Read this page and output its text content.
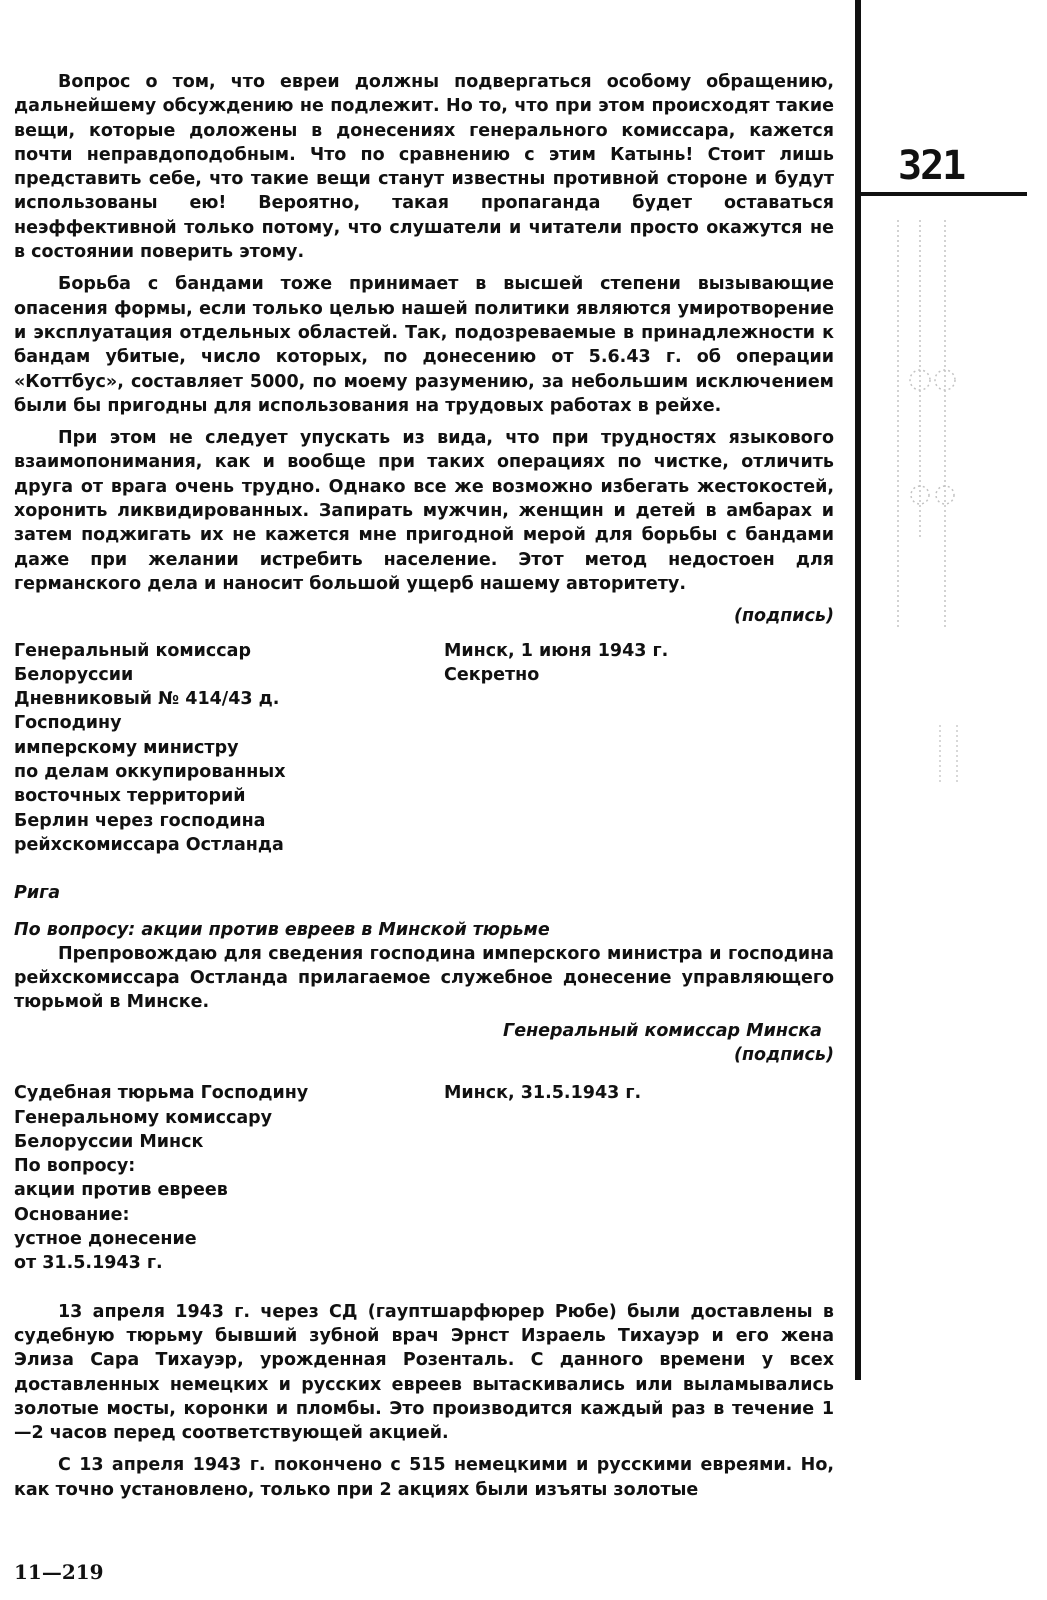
321

Вопрос о том, что евреи должны подвергаться особому обращению, дальнейшему обсуждению не подлежит. Но то, что при этом происходят такие вещи, которые доложены в донесениях генерального комиссара, кажется почти неправдоподобным. Что по сравнению с этим Катынь! Стоит лишь представить себе, что такие вещи станут известны противной стороне и будут использованы ею! Вероятно, такая пропаганда будет оставаться неэффективной только потому, что слушатели и читатели просто окажутся не в состоянии поверить этому.

Борьба с бандами тоже принимает в высшей степени вызывающие опасения формы, если только целью нашей политики являются умиротворение и эксплуатация отдельных областей. Так, подозреваемые в принадлежности к бандам убитые, число которых, по донесению от 5.6.43 г. об операции «Коттбус», составляет 5000, по моему разумению, за небольшим исключением были бы пригодны для использования на трудовых работах в рейхе.

При этом не следует упускать из вида, что при трудностях языкового взаимопонимания, как и вообще при таких операциях по чистке, отличить друга от врага очень трудно. Однако все же возможно избегать жестокостей, хоронить ликвидированных. Запирать мужчин, женщин и детей в амбарах и затем поджигать их не кажется мне пригодной мерой для борьбы с бандами даже при желании истребить население. Этот метод недостоен для германского дела и наносит большой ущерб нашему авторитету.

(подпись)

Генеральный комиссар
Белоруссии
Дневниковый № 414/43 д.
Господину
имперскому министру
по делам оккупированных
восточных территорий
Берлин через господина
рейхскомиссара Остланда
Минск, 1 июня 1943 г.
Секретно
Рига
По вопросу: акции против евреев в Минской тюрьме

Препровождаю для сведения господина имперского министра и господина рейхскомиссара Остланда прилагаемое служебное донесение управляющего тюрьмой в Минске.

Генеральный комиссар Минска

(подпись)

Судебная тюрьма Господину
Генеральному комиссару
Белоруссии Минск
По вопросу:
акции против евреев
Основание:
устное донесение
от 31.5.1943 г.
Минск, 31.5.1943 г.

13 апреля 1943 г. через СД (гауптшарфюрер Рюбе) были доставлены в судебную тюрьму бывший зубной врач Эрнст Израель Тихауэр и его жена Элиза Сара Тихауэр, урожденная Розенталь. С данного времени у всех доставленных немецких и русских евреев вытаскивались или выламывались золотые мосты, коронки и пломбы. Это производится каждый раз в течение 1—2 часов перед соответствующей акцией.

С 13 апреля 1943 г. покончено с 515 немецкими и русскими евреями. Но, как точно установлено, только при 2 акциях были изъяты золотые

11—219
